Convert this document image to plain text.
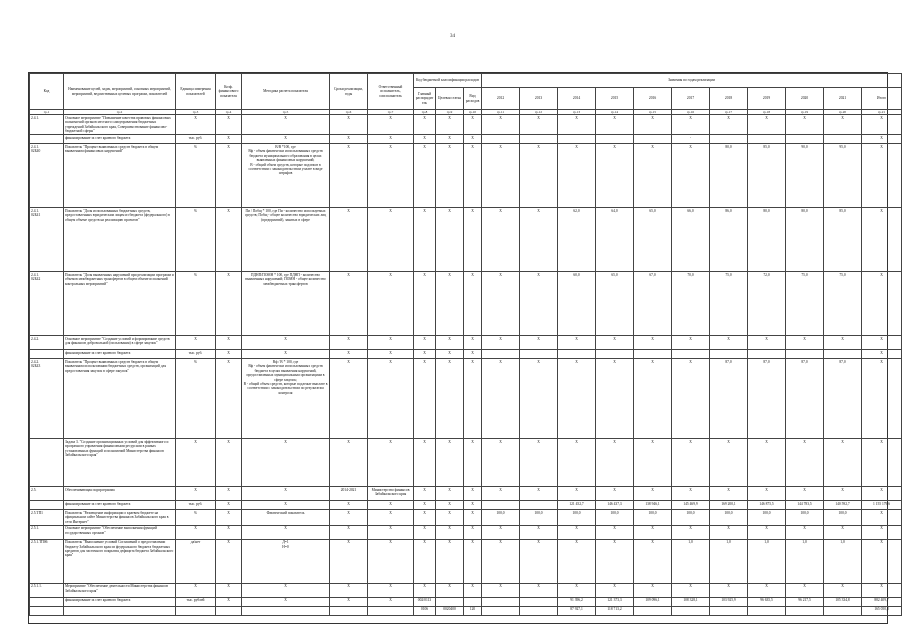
34
Код	Наименование целей, задач, мероприятий, основных мероприятий, мероприятий, ведомственных целевых программ, показателей	Единица измерения показателей	Коэф. финансового показателя	Методика расчета показателя	Сроки реализации, годы	Ответственный исполнитель, соисполнитель	Код бюджетной классификации расходов			Значения по годам реализации										
							Главный распорядитель	Целевая статья	Вид расходов	2012	2013	2014	2015	2016	2017	2018	2019	2020	2021	Итого
гр.1	гр.2	гр.3	гр.4	гр.5	гр.6	гр.7	гр.8	гр.9	гр.10	гр.11	гр.12	гр.13	гр.14	гр.15	гр.16	гр.17	гр.18	гр.19	гр.20	гр.21
2.4.1.	Основное мероприятие "Повышение качества правовых финансовых полномочий органов местного самоуправления бюджетных учреждений Забайкальского края, Совершенствование финансово-бюджетной сферы"	X	X	X	X	X	X	X	X	X	X	X	X	X	X	X	X	X	X	X
	финансирование за счет краевого бюджета	тыс. руб.	X	X	X	X	X	X	X						-					X
2.4.1.
02Б40	Показатель "Процент выявленных средств бюджета в общем выявленном финансовых нарушений"	%	X	В/В *100, где
Вф - объем фактически использованных средств бюджета муниципального образования в целях выявленных финансовых нарушений;
В - общий объем средств, которые подлежат в соответствии с законодательством уплате в виде штрафов	X	X	X	X	X	X	X	X	X	X	X	80,0	85,0	90,0	95,0	X
2.4.1.
02Б41	Показатель "Доля использованных бюджетных средств, предоставленных юридическим лицам из бюджета (федерального) в общем объеме средств на реализацию проектов"	%	X	Пи / Побщ * 100, где Пи - количество используемых средств; Побщ - общее количество юридических лиц (предприятий), занятых в сфере	X	X	X	X	X	X	X	62,0	64,0	65,0	66,0	86,0	80,0	80,0	85,0	X
2.4.1.
02Б42	Показатель "Доля выявленных нарушений при реализации программ и объемов межбюджетных трансфертов в общем объеме исполнений контрольных мероприятий"	%	X	ПДНП/ПОМН * 100, где ПДНП - количество выявленных нарушений; ПОМН - общее количество межбюджетных трансфертов	X	X	X	X	X	X	X	60,0	65,0	67,0	70,0	75,0	72,0	75,0	75,0	X
2.4.2.	Основное мероприятие "Создание условий и формирование средств для финансов добровольной (пользования) в сфере закупок"	X	X	X	X	X	X	X	X	X	X	X	X	X	X	X	X	X	X	X
	финансирование за счет краевого бюджета	тыс. руб.	X	X	X	X	X	X	X											X
2.4.2.
02Б43	Показатель "Процент выявленных средств бюджета в общем выявленном использовании бюджетных средств, организаций для предоставления закупок в сфере закупок"	%	X	Вф / В * 100, где
Вф - объем фактически использованных средств бюджета в целях выявления нарушений, предоставленных муниципальным организациям в сфере закупок;
В - общий объем средств, которые подлежат выплате в соответствии с законодательством по результатам контроля	X	X	X	X	X	X	X	X	X	X	X	87,0	87,0	87,0	87,0	X
	Задача 3. "Создание организационных условий для эффективного и прозрачного управления финансовыми ресурсами в рамках установленных функций и полномочий Министерства финансов Забайкальского края"	X	X	X	X	X	X	X	X	X	X	X	X	X	X	X	X	X	X	X
2.5.	Обеспечивающая подпрограмма	X	X	X	2014-2021	Министерство финансов Забайкальского края	X	X	X	X	X	X	X	X	X	X	X	X	X	X
	финансирование за счет краевого бюджета	тыс. руб.	X	X	X	X	X	X	X			121 452,7	146 437,3	138 946,1	145 469,9	169 200,1	146 875,5	144 783,5	140 592,7	1 155 179,6
2.5.ТП1	Показатель "Размещение информации о краевом бюджете на официальном сайте Министерства финансов Забайкальского края в сети Интернет"	%	X	Фактический показатель	X	X	X	X	X	100,0	100,0	100,0	100,0	100,0	100,0	100,0	100,0	100,0	100,0	X
2.5.1.	Основное мероприятие "Обеспечение выполнения функций государственных органов"	X	X	X	X	X	X	X	X	X	X	X	X	X	X	X	X	X	X	X
2.5.1.ТП06	Показатель "Выполнение условий Соглашений о предоставлении бюджету Забайкальского края из федерального бюджета бюджетных кредитов для частичного покрытия дефицита бюджета Забайкальского края"	да/нет	X	Д=1
Н=0	X	X	X	X	X	X	X	X	X	X	1,0	1,0	1,0	1,0	1,0	X
2.5.1.1.	Мероприятие "Обеспечение деятельности Министерства финансов Забайкальского края"	X	X	X	X	X	X	X	X	X	X	X	X	X	X	X	X	X	X	X
	финансирование за счет краевого бюджета	тыс. рублей	X	X	X	X	002/0113					91 396,2	121 373,3	109 096,1	108 328,1	103 925,9	96 635,5	96 217,5	105 334,8	882 409,7
							0106	0020400	120			87 927,1	118 713,2							165 050,8
